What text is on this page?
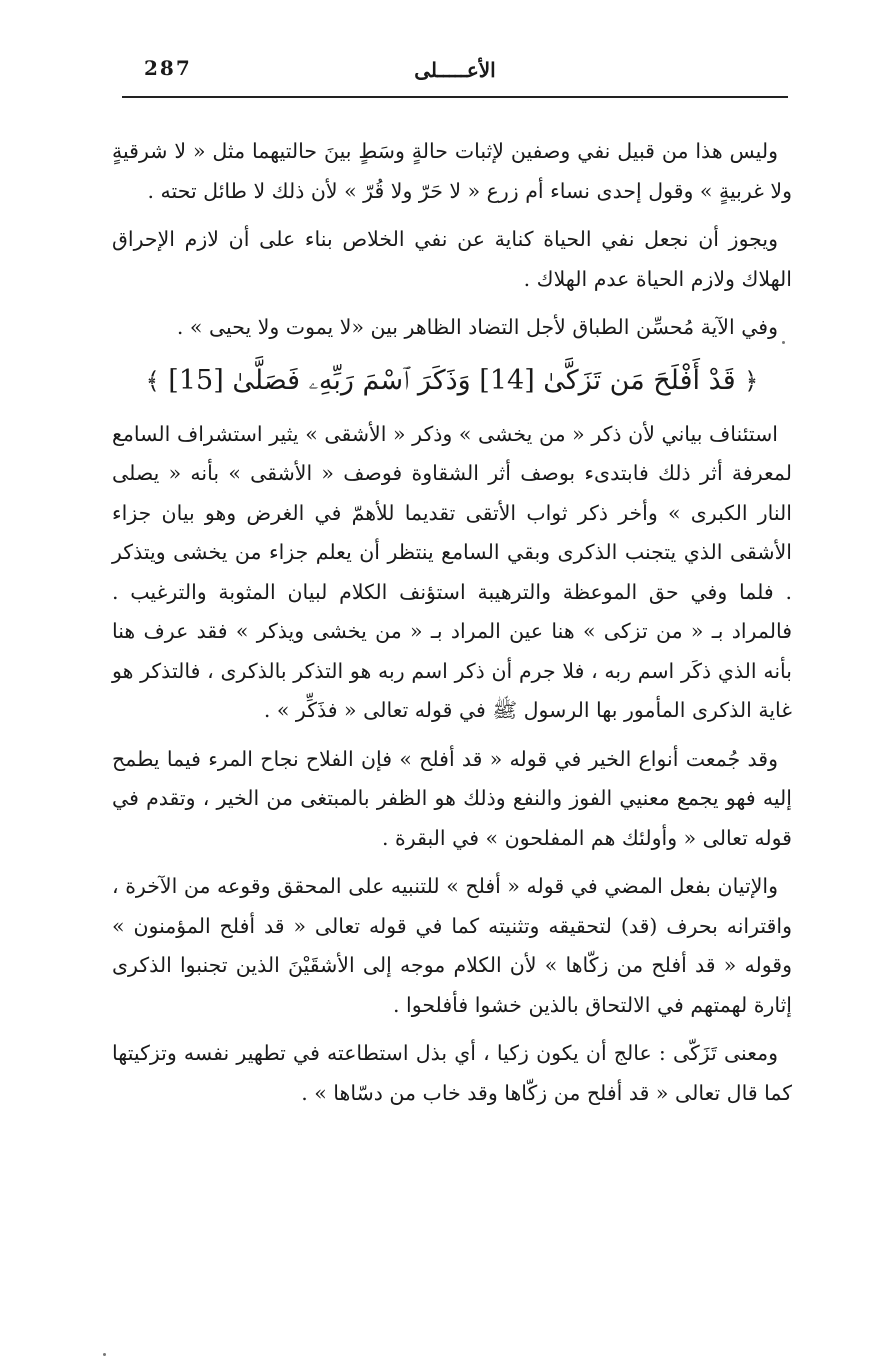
287	الأعـــــلى

وليس هذا من قبيل نفي وصفين لإثبات حالةٍ وسَطٍ بينَ حالتيهما مثل « لا شرقيةٍ ولا غربيةٍ » وقول إحدى نساء أم زرع « لا حَرّ ولا قُرّ » لأن ذلك لا طائل تحته .

ويجوز أن نجعل نفي الحياة كناية عن نفي الخلاص بناء على أن لازم الإحراق الهلاك ولازم الحياة عدم الهلاك .

وفي الآية مُحسِّن الطباق لأجل التضاد الظاهر بين «لا يموت ولا يحيى » .

﴿ قَدْ أَفْلَحَ مَن تَزَكَّىٰ [14] وَذَكَرَ ٱسْمَ رَبِّهِۦ فَصَلَّىٰ [15] ﴾

استئناف بياني لأن ذكر « من يخشى » وذكر « الأشقى » يثير استشراف السامع لمعرفة أثر ذلك فابتدىء بوصف أثر الشقاوة فوصف « الأشقى » بأنه « يصلى النار الكبرى » وأخر ذكر ثواب الأتقى تقديما للأهمّ في الغرض وهو بيان جزاء الأشقى الذي يتجنب الذكرى وبقي السامع ينتظر أن يعلم جزاء من يخشى ويتذكر . فلما وفي حق الموعظة والترهيبة استؤنف الكلام لبيان المثوبة والترغيب . فالمراد بـ « من تزكى » هنا عين المراد بـ « من يخشى ويذكر » فقد عرف هنا بأنه الذي ذكَر اسم ربه ، فلا جرم أن ذكر اسم ربه هو التذكر بالذكرى ، فالتذكر هو غاية الذكرى المأمور بها الرسول ﷺ في قوله تعالى « فذَكِّر » .

وقد جُمعت أنواع الخير في قوله « قد أفلح » فإن الفلاح نجاح المرء فيما يطمح إليه فهو يجمع معنيي الفوز والنفع وذلك هو الظفر بالمبتغى من الخير ، وتقدم في قوله تعالى « وأولئك هم المفلحون » في البقرة .

والإتيان بفعل المضي في قوله « أفلح » للتنبيه على المحقق وقوعه من الآخرة ، واقترانه بحرف (قد) لتحقيقه وتثنيته كما في قوله تعالى « قد أفلح المؤمنون » وقوله « قد أفلح من زكّاها » لأن الكلام موجه إلى الأشقَيْنَ الذين تجنبوا الذكرى إثارة لهمتهم في الالتحاق بالذين خشوا فأفلحوا .

ومعنى تَزَكّى : عالج أن يكون زكيا ، أي بذل استطاعته في تطهير نفسه وتزكيتها كما قال تعالى « قد أفلح من زكّاها وقد خاب من دسّاها » .
